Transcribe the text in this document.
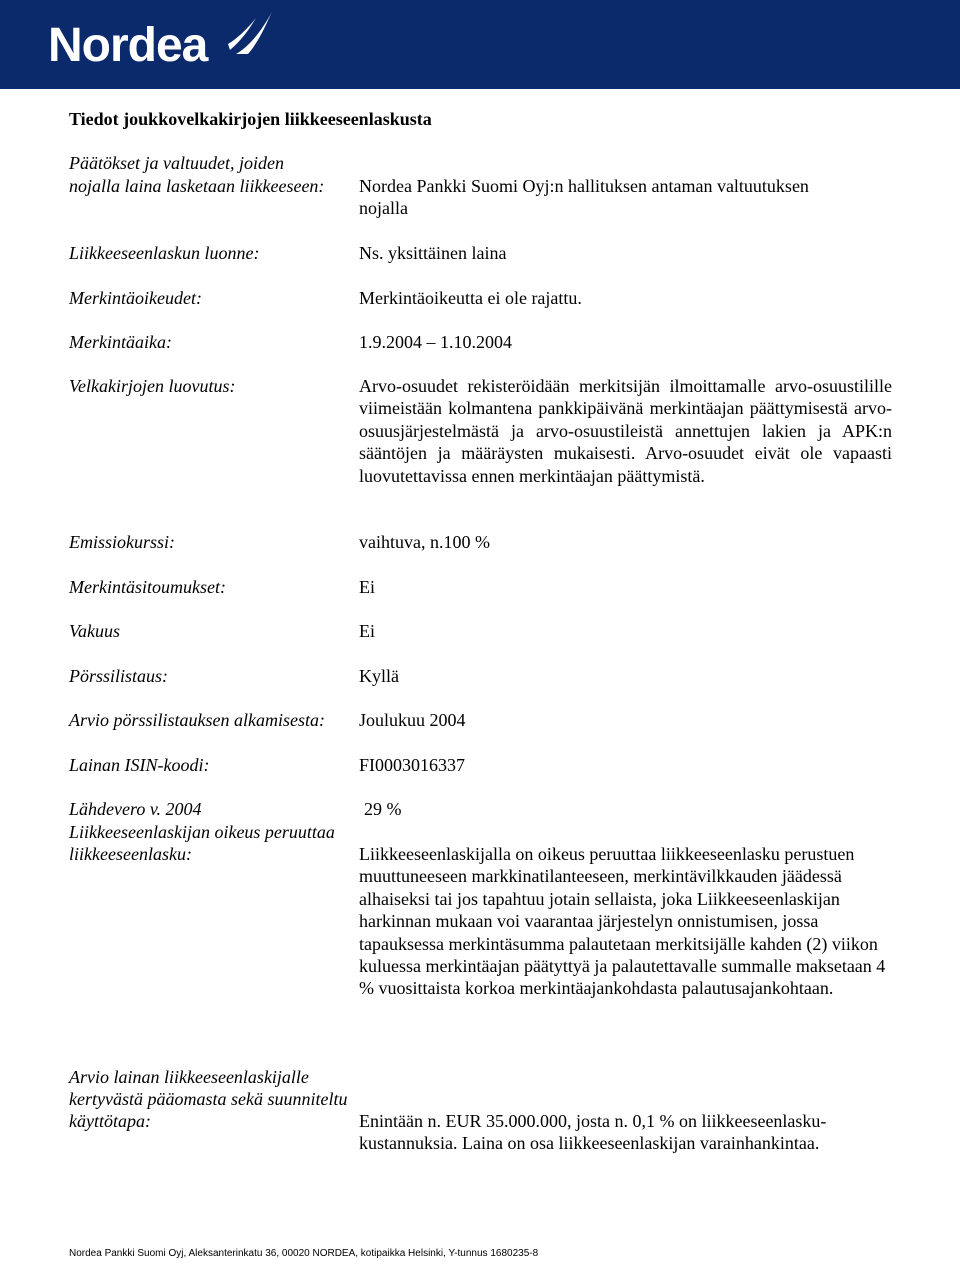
Nordea
Tiedot joukkovelkakirjojen liikkeeseenlaskusta
Päätökset ja valtuudet, joiden
nojalla laina lasketaan liikkeeseen: Nordea Pankki Suomi Oyj:n hallituksen antaman valtuutuksen nojalla
Liikkeeseenlaskun luonne:	Ns. yksittäinen laina
Merkintäoikeudet:	Merkintäoikeutta ei ole rajattu.
Merkintäaika:	1.9.2004 – 1.10.2004
Velkakirjojen luovutus:	Arvo-osuudet rekisteröidään merkitsijän ilmoittamalle arvo-osuustilille viimeistään kolmantena pankkipäivänä merkintäajan päättymisestä arvo-osuusjärjestelmästä ja arvo-osuustileistä annettujen lakien ja APK:n sääntöjen ja määräysten mukaisesti. Arvo-osuudet eivät ole vapaasti luovutettavissa ennen merkintäajan päättymistä.
Emissiokurssi:	vaihtuva, n.100 %
Merkintäsitoumukset:	Ei
Vakuus	Ei
Pörssilistaus:	Kyllä
Arvio pörssilistauksen alkamisesta: Joulukuu 2004
Lainan ISIN-koodi:	FI0003016337
Lähdevero v. 2004	29 %
Liikkeeseenlaskijan oikeus peruuttaa
liikkeeseenlasku:	Liikkeeseenlaskijalla on oikeus peruuttaa liikkeeseenlasku perustuen muuttuneeseen markkinatilanteeseen, merkintävilkkauden jäädessä alhaiseksi tai jos tapahtuu jotain sellaista, joka Liikkeeseenlaskijan harkinnan mukaan voi vaarantaa järjestelyn onnistumisen, jossa tapauksessa merkintäsumma palautetaan merkitsijälle kahden (2) viikon kuluessa merkintäajan päätyttyä ja palautettavalle summalle maksetaan 4 % vuosittaista korkoa merkintäajankohdasta palautusajankohtaan.
Arvio lainan liikkeeseenlaskijalle
kertyvästä pääomasta sekä suunniteltu
käyttötapa:	Enintään n. EUR 35.000.000, josta n. 0,1 % on liikkeeseenlasku-
kustannuksia. Laina on osa liikkeeseenlaskijan varainhankintaa.
Nordea Pankki Suomi Oyj, Aleksanterinkatu 36, 00020 NORDEA, kotipaikka Helsinki, Y-tunnus 1680235-8
